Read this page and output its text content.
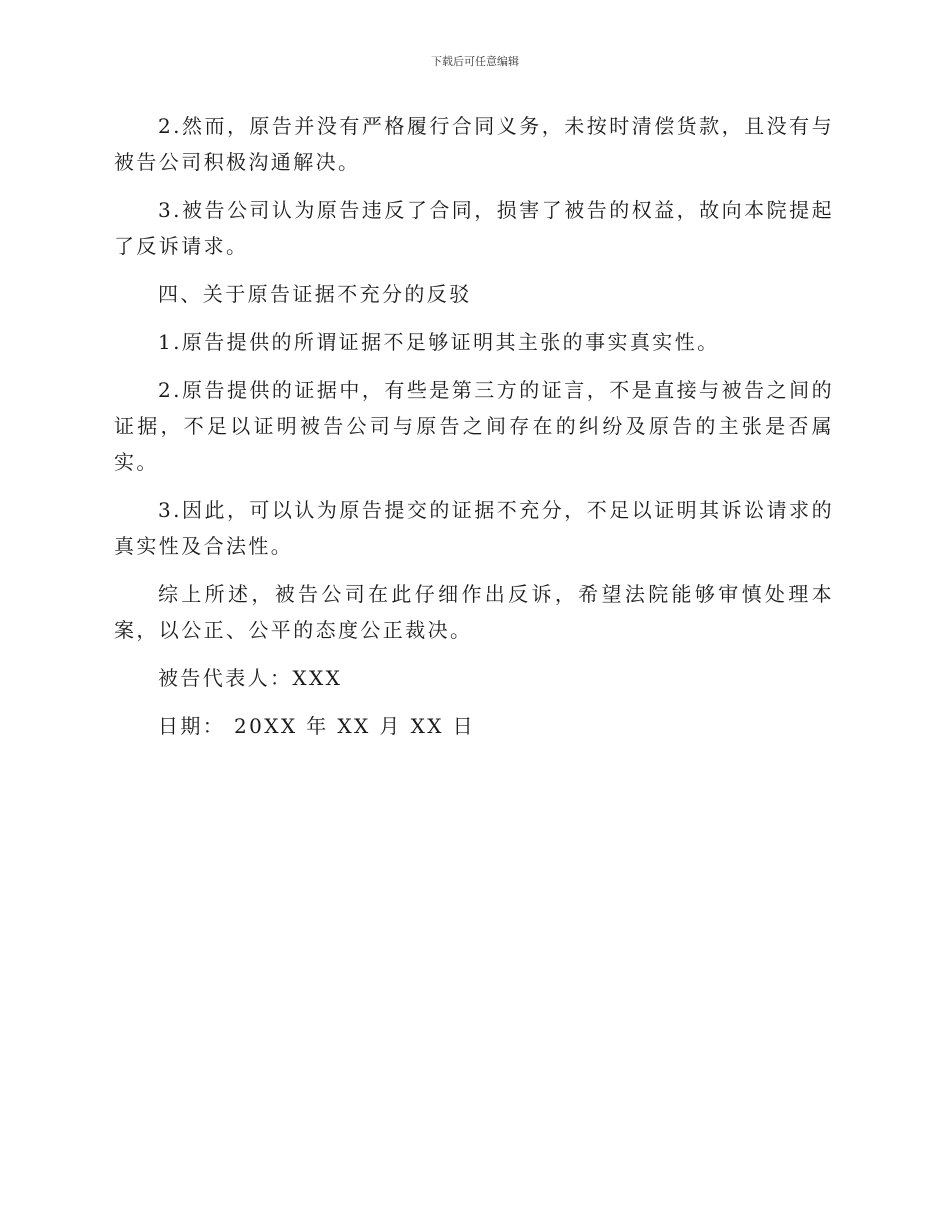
下载后可任意编辑

2.然而，原告并没有严格履行合同义务，未按时清偿货款，且没有与被告公司积极沟通解决。

3.被告公司认为原告违反了合同，损害了被告的权益，故向本院提起了反诉请求。

四、关于原告证据不充分的反驳

1.原告提供的所谓证据不足够证明其主张的事实真实性。

2.原告提供的证据中，有些是第三方的证言，不是直接与被告之间的证据，不足以证明被告公司与原告之间存在的纠纷及原告的主张是否属实。

3.因此，可以认为原告提交的证据不充分，不足以证明其诉讼请求的真实性及合法性。

综上所述，被告公司在此仔细作出反诉，希望法院能够审慎处理本案，以公正、公平的态度公正裁决。

被告代表人：XXX

日期： 20XX 年 XX 月 XX 日
